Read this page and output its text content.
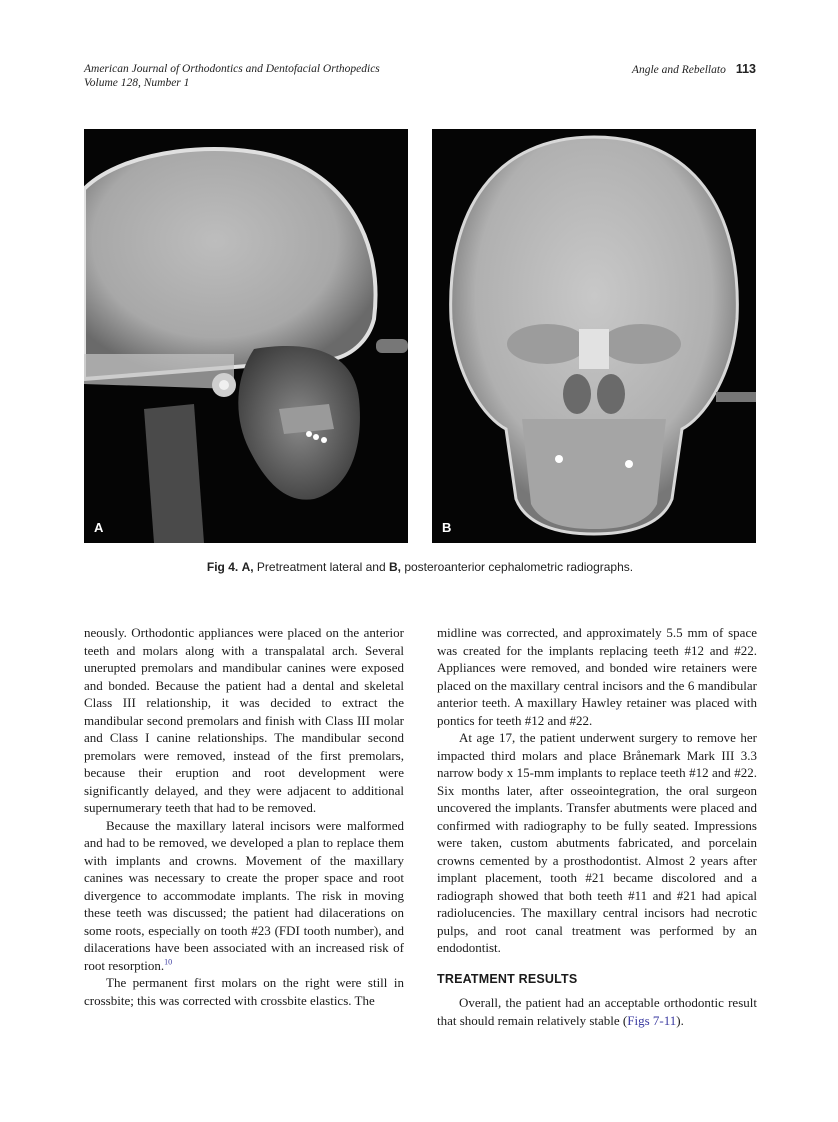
American Journal of Orthodontics and Dentofacial Orthopedics
Volume 128, Number 1
Angle and Rebellato 113
A	B
Fig 4. A, Pretreatment lateral and B, posteroanterior cephalometric radiographs.

neously. Orthodontic appliances were placed on the anterior teeth and molars along with a transpalatal arch. Several unerupted premolars and mandibular canines were exposed and bonded. Because the patient had a dental and skeletal Class III relationship, it was decided to extract the mandibular second premolars and finish with Class III molar and Class I canine relationships. The mandibular second premolars were removed, instead of the first premolars, because their eruption and root development were significantly delayed, and they were adjacent to additional supernumerary teeth that had to be removed.

Because the maxillary lateral incisors were malformed and had to be removed, we developed a plan to replace them with implants and crowns. Movement of the maxillary canines was necessary to create the proper space and root divergence to accommodate implants. The risk in moving these teeth was discussed; the patient had dilacerations on some roots, especially on tooth #23 (FDI tooth number), and dilacerations have been associated with an increased risk of root resorption.$^{10}$

The permanent first molars on the right were still in crossbite; this was corrected with crossbite elastics. The

midline was corrected, and approximately 5.5 mm of space was created for the implants replacing teeth #12 and #22. Appliances were removed, and bonded wire retainers were placed on the maxillary central incisors and the 6 mandibular anterior teeth. A maxillary Hawley retainer was placed with pontics for teeth #12 and #22.

At age 17, the patient underwent surgery to remove her impacted third molars and place Brånemark Mark III 3.3 narrow body x 15-mm implants to replace teeth #12 and #22. Six months later, after osseointegration, the oral surgeon uncovered the implants. Transfer abutments were placed and confirmed with radiography to be fully seated. Impressions were taken, custom abutments fabricated, and porcelain crowns cemented by a prosthodontist. Almost 2 years after implant placement, tooth #21 became discolored and a radiograph showed that both teeth #11 and #21 had apical radiolucencies. The maxillary central incisors had necrotic pulps, and root canal treatment was performed by an endodontist.

TREATMENT RESULTS

Overall, the patient had an acceptable orthodontic result that should remain relatively stable (Figs 7-11).
